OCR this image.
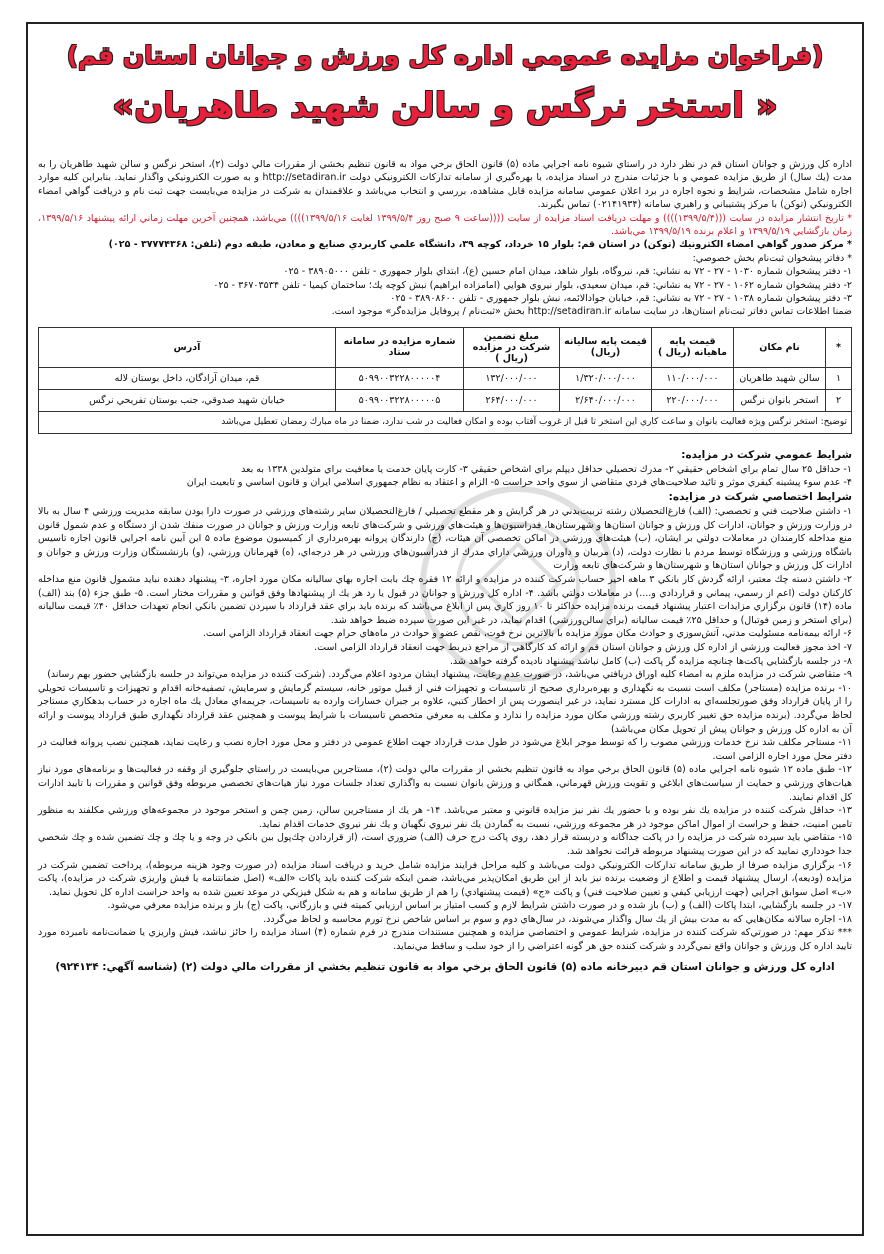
(فراخوان مزایده عمومي اداره كل ورزش و جوانان استان قم)
« استخر نرگس و سالن شهيد طاهريان»

اداره كل ورزش و جوانان استان قم در نظر دارد در راستاي شيوه نامه اجرايي ماده (۵) قانون الحاق برخي مواد به قانون تنظيم بخشي از مقررات مالي دولت (۲)، استخر نرگس و سالن شهيد طاهريان را به مدت (يك سال) از طريق مزايده عمومي و با جزئيات مندرج در اسناد مزايده، با بهره‌گيري از سامانه تداركات الكترونيكي دولت http://setadiran.ir و به صورت الكترونيكي واگذار نمايد. بنابراين كليه موارد اجاره شامل مشخصات، شرايط و نحوه اجاره در برد اعلان عمومي سامانه مزايده قابل مشاهده، بررسي و انتخاب مي‌باشد و علاقمندان به شركت در مزايده مي‌بايست جهت ثبت نام و دريافت گواهي امضاء الكترونيكي (توكن) با مركز پشتيباني و راهبري سامانه (۰۲۱۴۱۹۳۴) تماس بگيرند.

* تاريخ انتشار مزايده در سايت (((۱۳۹۹/۵/۴)))) و مهلت دريافت اسناد مزايده از سايت ((((ساعت ۹ صبح روز ۱۳۹۹/۵/۴ لغايت ۱۳۹۹/۵/۱۶)))) مي‌باشد، همچنين آخرين مهلت زماني ارائه پيشنهاد ۱۳۹۹/۵/۱۶، زمان بازگشايي ۱۳۹۹/۵/۱۹ و اعلام برنده ۱۳۹۹/۵/۱۹ مي‌باشد.

* مركز صدور گواهي امضاء الكترونيك (توكن) در استان قم: بلوار ۱۵ خرداد، كوچه ۳۹، دانشگاه علمي كاربردي صنايع و معادن، طبقه دوم (تلفن: ۳۷۷۷۴۳۶۸ - ۰۲۵)

* دفاتر پيشخوان ثبت‌نام بخش خصوصي:

۱- دفتر پيشخوان شماره ۱۰۳۰ - ۲۷ - ۷۲ به نشاني: قم، نيروگاه، بلوار شاهد، ميدان امام حسين (ع)، ابتداي بلوار جمهوري - تلفن ۳۸۹۰۵۰۰۰ - ۰۲۵

۲- دفتر پيشخوان شماره ۱۰۶۲ - ۲۷ - ۷۲ به نشاني: قم، ميدان سعيدي، بلوار نيروي هوايي (امامزاده ابراهيم) نبش كوچه يك؛ ساختمان كيميا - تلفن ۳۶۷۰۳۵۳۴ - ۰۲۵

۳- دفتر پيشخوان شماره ۱۰۳۸ - ۲۷ - ۷۲ به نشاني: قم، خيابان جوادالائمه، نبش بلوار جمهوري - تلفن ۳۸۹۰۸۶۰۰ - ۰۲۵

ضمنا اطلاعات تماس دفاتر ثبت‌نام استان‌ها، در سايت سامانه http://setadiran.ir بخش «ثبت‌نام / پروفايل مزايده‌گر» موجود است.

*	نام مكان	قيمت پايه ماهيانه (ريال )	قيمت پايه ساليانه (ريال)	مبلغ تضمين شركت در مزايده (ريال )	شماره مزايده در سامانه ستاد	آدرس
۱	سالن شهيد طاهريان	۱۱۰/۰۰۰/۰۰۰	۱/۳۲۰/۰۰۰/۰۰۰	۱۳۲/۰۰۰/۰۰۰	۵۰۹۹۰۰۳۲۲۸۰۰۰۰۰۴	قم، ميدان آزادگان، داخل بوستان لاله
۲	استخر بانوان نرگس	۲۲۰/۰۰۰/۰۰۰	۲/۶۴۰/۰۰۰/۰۰۰	۲۶۴/۰۰۰/۰۰۰	۵۰۹۹۰۰۳۲۲۸۰۰۰۰۰۵	خيابان شهيد صدوقي، جنب بوستان تفريحي نرگس
توضيح: استخر نرگس ويژه فعاليت بانوان و ساعت كاري اين استخر تا قبل از غروب آفتاب بوده و امكان فعاليت در شب ندارد، ضمنا در ماه مبارك رمضان تعطيل مي‌باشد						

شرايط عمومي شركت در مزايده:

۱- حداقل ۲۵ سال تمام براي اشخاص حقيقي ۲- مدرك تحصيلي حداقل ديپلم براي اشخاص حقيقي ۳- كارت پايان خدمت يا معافيت براي متولدين ۱۳۳۸ به بعد

۴- عدم سوء پيشينه كيفري موثر و تائيد صلاحيت‌هاي فردي متقاضي از سوي واحد حراست ۵- الزام و اعتقاد به نظام جمهوري اسلامي ايران و قانون اساسي و تابعيت ايران

شرايط اختصاصي شركت در مزايده:

۱- داشتن صلاحيت فني و تخصصي: (الف) فارغ‌التحصيلان رشته تربيت‌بدني در هر گرايش و هر مقطع تحصيلي / فارغ‌التحصيلان ساير رشته‌هاي ورزشي در صورت دارا بودن سابقه مديريت ورزشي ۴ سال به بالا در وزارت ورزش و جوانان، ادارات كل ورزش و جوانان استان‌ها و شهرستان‌ها، فدراسيون‌ها و هيئت‌هاي ورزشي و شركت‌هاي تابعه وزارت ورزش و جوانان در صورت منفك شدن از دستگاه و عدم شمول قانون منع مداخله كارمندان در معاملات دولتي بر ايشان، (ب) هيئت‌هاي ورزشي در اماكن تخصصي آن هيئات، (ج) دارندگان پروانه بهره‌برداري از كميسيون موضوع ماده ۵ اين آيين نامه اجرايي قانون اجازه تاسيس باشگاه ورزشي و ورزشگاه توسط مردم با نظارت دولت، (د) مربيان و داوران ورزشي داراي مدرك از فدراسيون‌هاي ورزشي در هر درجه‌اي، (ه) قهرمانان ورزشي، (و) بازنشستگان وزارت ورزش و جوانان و ادارات كل ورزش و جوانان استان‌ها و شهرستان‌ها و شركت‌هاي تابعه وزارت

۲- داشتن دسته چك معتبر، ارائه گردش كار بانكي ۳ ماهه اخير حساب شركت كننده در مزايده و ارائه ۱۲ فقره چك بابت اجاره بهاي ساليانه مكان مورد اجاره، ۳- پيشنهاد دهنده نبايد مشمول قانون منع مداخله كاركنان دولت (اعم از رسمي، پيماني و قراردادي و....) در معاملات دولتي باشد. ۴- اداره كل ورزش و جوانان در قبول يا رد هر يك از پيشنهادها وفق قوانين و مقررات مختار است. ۵- طبق جزء (۵) بند (الف) ماده (۱۴) قانون برگزاري مزايدات اعتبار پيشنهاد قيمت برنده مزايده حداكثر تا ۱۰ روز كاري پس از ابلاغ مي‌باشد كه برنده بايد براي عقد قرارداد با سپردن تضمين بانكي انجام تعهدات حداقل ۴۰٪ قيمت ساليانه (براي استخر و زمين فوتبال) و حداقل ۲۵٪ قيمت ساليانه (براي سالن‌ورزشي) اقدام نمايد، در غير اين صورت سپرده ضبط خواهد شد.

۶- ارائه بيمه‌نامه مسئوليت مدني، آتش‌سوزي و حوادث مكان مورد مزايده با بالاترين نرخ فوت، نقص عضو و حوادث در ماه‌هاي حرام جهت انعقاد قرارداد الزامي است.

۷- اخذ مجوز فعاليت ورزشي از اداره كل ورزش و جوانان استان قم و ارائه كد كارگاهي از مراجع ذيربط جهت انعقاد قرارداد الزامي است.

۸- در جلسه بازگشايي پاكت‌ها چنانچه مزايده گر پاكت (ب) كامل نباشد پيشنهاد ناديده گرفته خواهد شد.

۹- متقاضي شركت در مزايده ملزم به امضاء كليه اوراق دريافتي مي‌باشد، در صورت عدم رعايت، پيشنهاد ايشان مردود اعلام مي‌گردد. (شركت كننده در مزايده مي‌تواند در جلسه بازگشايي حضور بهم رساند)

۱۰- برنده مزايده (مستاجر) مكلف است نسبت به نگهداري و بهره‌برداري صحيح از تاسيسات و تجهيزات فني از قبيل موتور خانه، سيستم گرمايش و سرمايش، تصفيه‌خانه اقدام و تجهيزات و تاسيسات تحويلي را از پايان قرارداد وفق صورتجلسه‌اي به ادارات كل مسترد نمايد، در غير اينصورت پس از اخطار كتبي، علاوه بر جبران خسارات وارده به تاسيسات، جريمه‌اي معادل يك ماه اجاره در حساب بدهكاري مستاجر لحاظ مي‌گردد. (برنده مزايده حق تغيير كاربري رشته ورزشي مكان مورد مزايده را ندارد و مكلف به معرفي متخصص تاسيسات با شرايط پيوست و همچنين عقد قرارداد نگهداري طبق قرارداد پيوست و ارائه آن به اداره كل ورزش و جوانان پيش از تحويل مكان مي‌باشد)

۱۱- مستاجر مكلف شد نرخ خدمات ورزشي مصوب را كه توسط موجر ابلاغ مي‌شود در طول مدت قرارداد جهت اطلاع عمومي در دفتر و محل مورد اجاره نصب و رعايت نمايد، همچنين نصب پروانه فعاليت در دفتر محل مورد اجاره الزامي است.

۱۲- طبق ماده ۱۲ شيوه نامه اجرايي ماده (۵) قانون الحاق برخي مواد به قانون تنظيم بخشي از مقررات مالي دولت (۲)، مستاجرين مي‌بايست در راستاي جلوگيري از وقفه در فعاليت‌ها و برنامه‌هاي مورد نياز هيات‌هاي ورزشي و حمايت از سياست‌هاي ابلاغي و تقويت ورزش قهرماني، همگاني و ورزش بانوان نسبت به واگذاري تعداد جلسات مورد نياز هيات‌هاي تخصصي مربوطه وفق قوانين و مقررات با تاييد ادارات كل اقدام نمايند.

۱۳- حداقل شركت كننده در مزايده يك نفر بوده و با حضور يك نفر نيز مزايده قانوني و معتبر مي‌باشد. ۱۴- هر يك از مستاجرين سالن، زمين چمن و استخر موجود در مجموعه‌هاي ورزشي مكلفند به منظور تامين امنيت، حفظ و حراست از اموال اماكن موجود در هر مجموعه ورزشي، نسبت به گماردن يك نفر نيروي نگهبان و يك نفر نيروي خدمات اقدام نمايد.

۱۵- متقاضي بايد سپرده شركت در مزايده را در پاكت جداگانه و دربسته قرار دهد، روي پاكت درج حرف (الف) ضروري است، (از قراردادن چك‌پول بين بانكي در وجه و يا چك و چك تضمين شده و چك شخصي جدا خودداري نماييد كه در اين صورت پيشنهاد مربوطه قرائت نخواهد شد.

۱۶- برگزاري مزايده صرفا از طريق سامانه تداركات الكترونيكي دولت مي‌باشد و كليه مراحل فرايند مزايده شامل خريد و دريافت اسناد مزايده (در صورت وجود هزينه مربوطه)، پرداخت تضمين شركت در مزايده (وديعه)، ارسال پيشنهاد قيمت و اطلاع از وضعيت برنده نيز بايد از اين طريق امكان‌پذير مي‌باشد، ضمن اينكه شركت كننده بايد پاكات «الف» (اصل ضمانتنامه يا فيش واريزي شركت در مزايده)، پاكت «ب» اصل سوابق اجرايي (جهت ارزيابي كيفي و تعيين صلاحيت فني) و پاكت «ج» (قيمت پيشنهادي) را هم از طريق سامانه و هم به شكل فيزيكي در موعد تعيين شده به واحد حراست اداره كل تحويل نمايد.

۱۷- در جلسه بازگشايي، ابتدا پاكات (الف) و (ب) باز شده و در صورت داشتن شرايط لازم و كسب امتياز بر اساس ارزيابي كميته فني و بازرگاني، پاكت (ج) باز و برنده مزايده معرفي مي‌شود.

۱۸- اجاره سالانه مكان‌هايي كه به مدت بيش از يك سال واگذار مي‌شوند، در سال‌هاي دوم و سوم بر اساس شاخص نرخ تورم محاسبه و لحاظ مي‌گردد.

*** تذكر مهم: در صورتي‌كه شركت كننده در مزايده، شرايط عمومي و اختصاصي مزايده و همچنين مستندات مندرج در فرم شماره (۴) اسناد مزايده را حائز نباشد، فيش واريزي يا ضمانت‌نامه نامبرده مورد تاييد اداره كل ورزش و جوانان واقع نمي‌گردد و شركت كننده حق هر گونه اعتراضي را از خود سلب و ساقط مي‌نمايد.

اداره كل ورزش و جوانان استان قم دبيرخانه ماده (۵) قانون الحاق برخي مواد به قانون تنظيم بخشي از مقررات مالي دولت (۲) (شناسه آگهي: ۹۲۴۱۳۴)
